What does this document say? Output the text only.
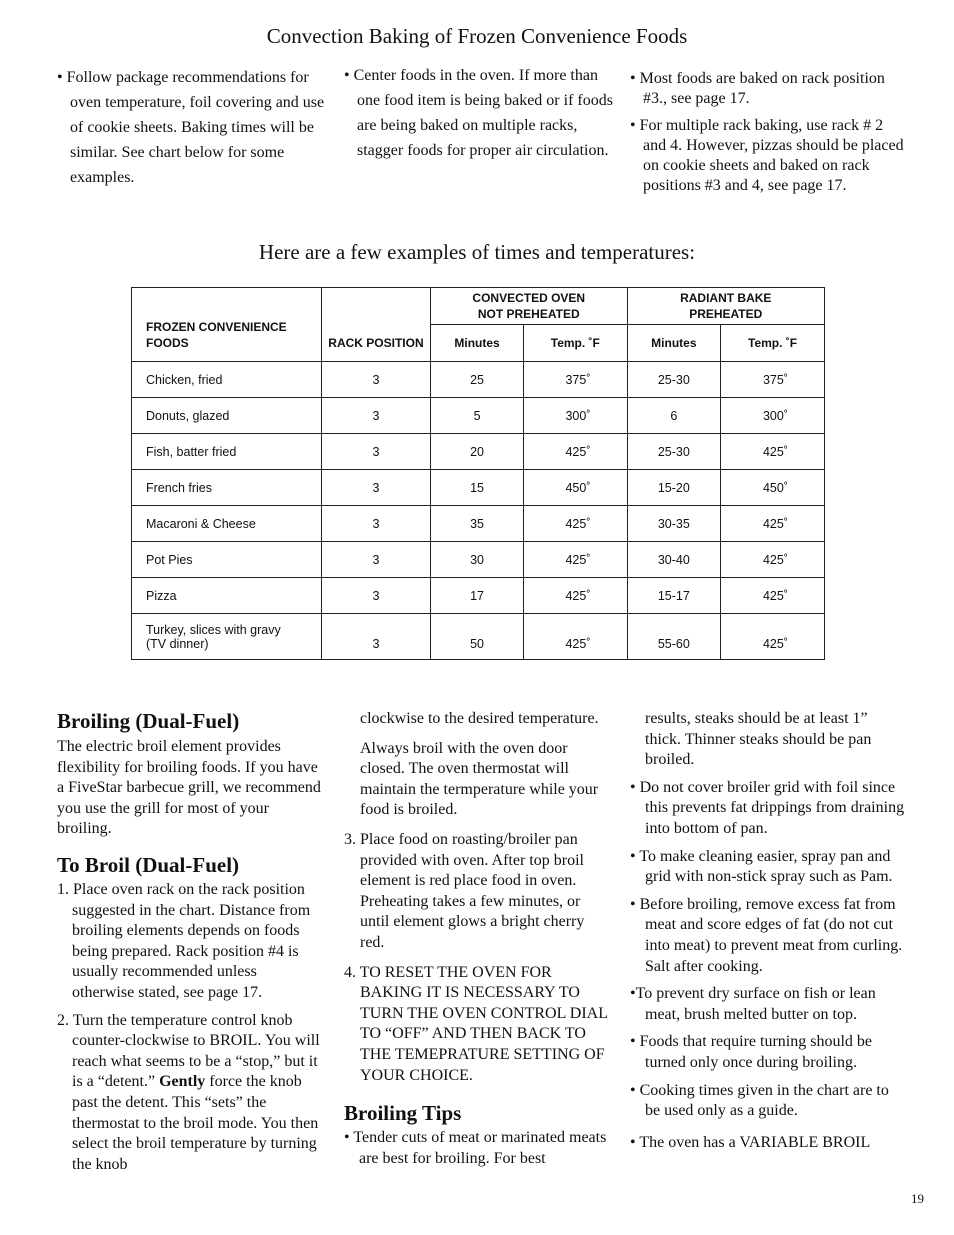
Convection Baking of Frozen Convenience Foods

• Follow package recommendations for oven temperature, foil covering and use of cookie sheets. Baking times will be similar. See chart below for some examples.

• Center foods in the oven. If more than one food item is being baked or if foods are being baked on multiple racks, stagger foods for proper air circulation.

• Most foods are baked on rack position #3., see page 17.

• For multiple rack baking, use rack # 2 and 4. However, pizzas should be placed on cookie sheets and baked on rack positions #3 and 4, see page 17.

Here are a few examples of times and temperatures:
FROZEN CONVENIENCE FOODS	RACK POSITION	CONVECTED OVEN NOT PREHEATED		RADIANT BAKE PREHEATED	
		Minutes	Temp. ˚F	Minutes	Temp. ˚F
Chicken, fried	3	25	375˚	25-30	375˚
Donuts, glazed	3	5	300˚	6	300˚
Fish, batter fried	3	20	425˚	25-30	425˚
French fries	3	15	450˚	15-20	450˚
Macaroni & Cheese	3	35	425˚	30-35	425˚
Pot Pies	3	30	425˚	30-40	425˚
Pizza	3	17	425˚	15-17	425˚
Turkey, slices with gravy (TV dinner)	3	50	425˚	55-60	425˚
Broiling (Dual-Fuel)

The electric broil element provides flexibility for broiling foods. If you have a FiveStar barbecue grill, we recommend you use the grill for most of your broiling.

To Broil (Dual-Fuel)

1. Place oven rack on the rack position suggested in the chart. Distance from broiling elements depends on foods being prepared. Rack position #4 is usually recommended unless otherwise stated, see page 17.

2. Turn the temperature control knob counter-clockwise to BROIL. You will reach what seems to be a “stop,” but it is a “detent.” Gently force the knob past the detent. This “sets” the thermostat to the broil mode. You then select the broil temperature by turning the knob

clockwise to the desired temperature.

Always broil with the oven door closed. The oven thermostat will maintain the termperature while your food is broiled.

3. Place food on roasting/broiler pan provided with oven. After top broil element is red place food in oven. Preheating takes a few minutes, or until element glows a bright cherry red.

4. TO RESET THE OVEN FOR BAKING IT IS NECESSARY TO TURN THE OVEN CONTROL DIAL TO “OFF” AND THEN BACK TO THE TEMEPRATURE SETTING OF YOUR CHOICE.

Broiling Tips

• Tender cuts of meat or marinated meats are best for broiling. For best

results, steaks should be at least 1” thick. Thinner steaks should be pan broiled.

• Do not cover broiler grid with foil since this prevents fat drippings from draining into bottom of pan.

• To make cleaning easier, spray pan and grid with non-stick spray such as Pam.

• Before broiling, remove excess fat from meat and score edges of fat (do not cut into meat) to prevent meat from curling. Salt after cooking.

•To prevent dry surface on fish or lean meat, brush melted butter on top.

• Foods that require turning should be turned only once during broiling.

• Cooking times given in the chart are to be used only as a guide.

• The oven has a VARIABLE BROIL

19
